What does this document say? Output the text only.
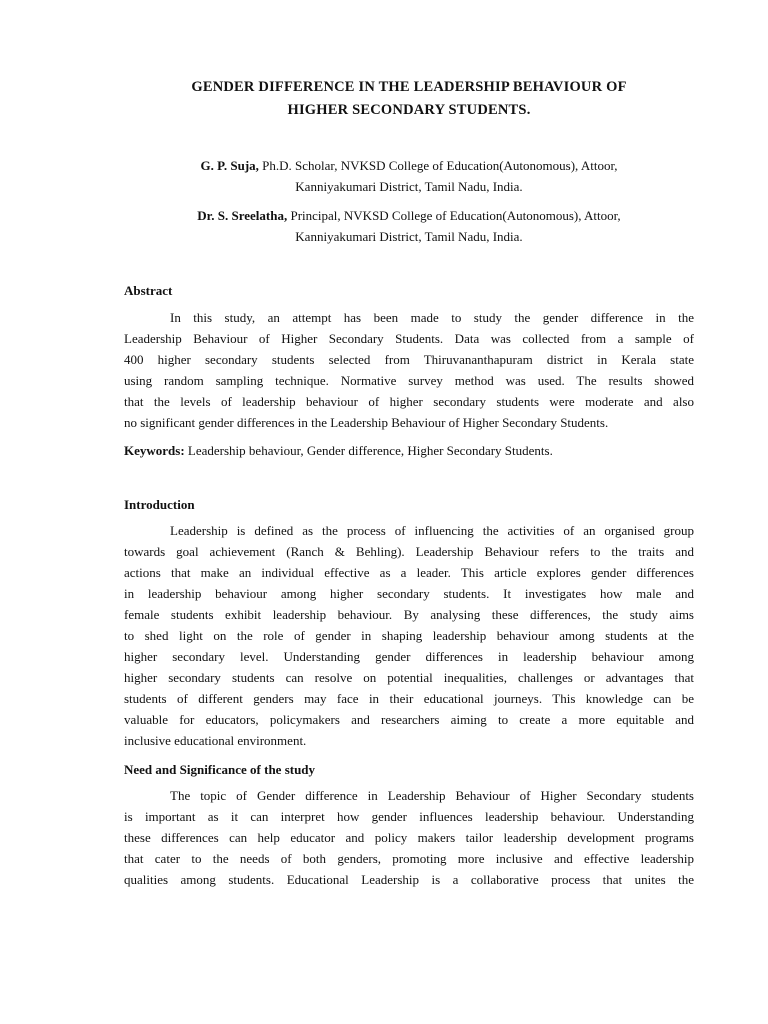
GENDER DIFFERENCE IN THE LEADERSHIP BEHAVIOUR OF
HIGHER SECONDARY STUDENTS.
G. P. Suja, Ph.D. Scholar, NVKSD College of Education(Autonomous), Attoor,
Kanniyakumari District, Tamil Nadu, India.
Dr. S. Sreelatha, Principal, NVKSD College of Education(Autonomous), Attoor,
Kanniyakumari District, Tamil Nadu, India.
Abstract
In this study, an attempt has been made to study the gender difference in the
Leadership Behaviour of Higher Secondary Students. Data was collected from a sample of
400 higher secondary students selected from Thiruvananthapuram district in Kerala state
using random sampling technique. Normative survey method was used. The results showed
that the levels of leadership behaviour of higher secondary students were moderate and also
no significant gender differences in the Leadership Behaviour of Higher Secondary Students.
Keywords: Leadership behaviour, Gender difference, Higher Secondary Students.
Introduction
Leadership is defined as the process of influencing the activities of an organised group
towards goal achievement (Ranch & Behling). Leadership Behaviour refers to the traits and
actions that make an individual effective as a leader. This article explores gender differences
in leadership behaviour among higher secondary students. It investigates how male and
female students exhibit leadership behaviour. By analysing these differences, the study aims
to shed light on the role of gender in shaping leadership behaviour among students at the
higher secondary level. Understanding gender differences in leadership behaviour among
higher secondary students can resolve on potential inequalities, challenges or advantages that
students of different genders may face in their educational journeys. This knowledge can be
valuable for educators, policymakers and researchers aiming to create a more equitable and
inclusive educational environment.
Need and Significance of the study
The topic of Gender difference in Leadership Behaviour of Higher Secondary students
is important as it can interpret how gender influences leadership behaviour. Understanding
these differences can help educator and policy makers tailor leadership development programs
that cater to the needs of both genders, promoting more inclusive and effective leadership
qualities among students. Educational Leadership is a collaborative process that unites the
